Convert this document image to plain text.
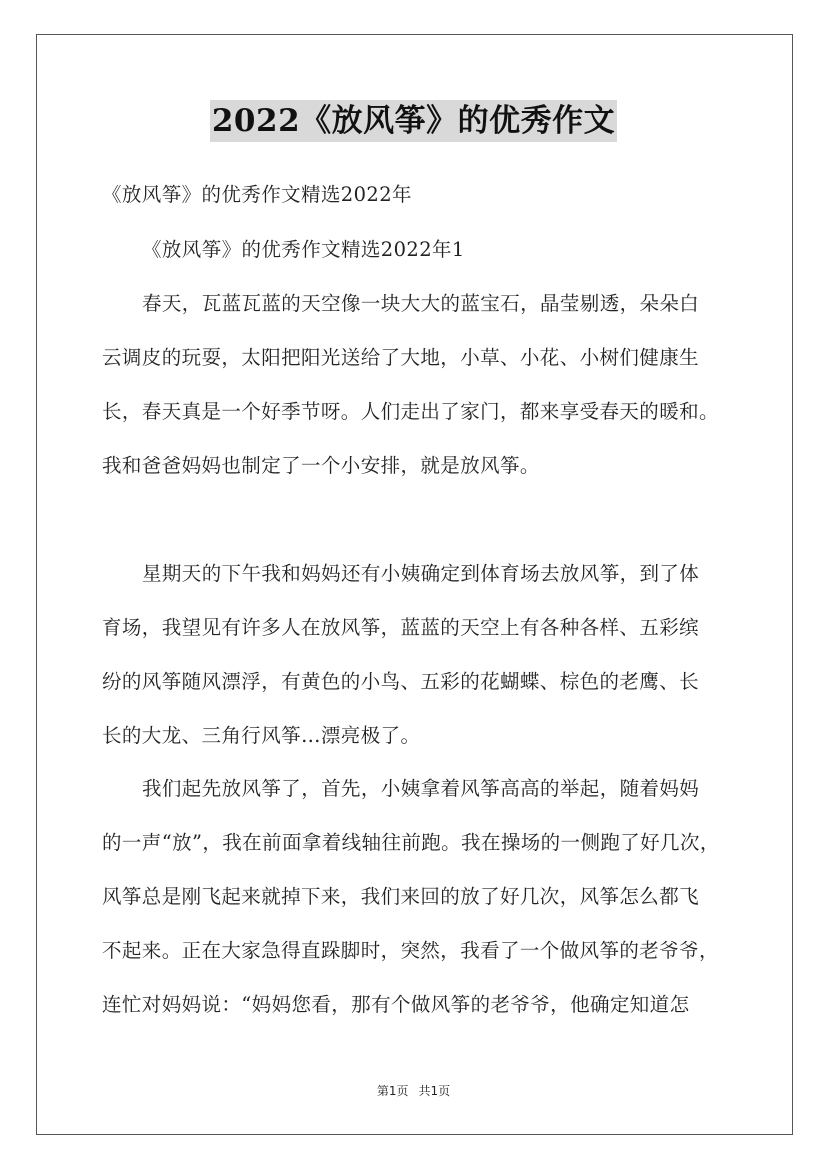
2022《放风筝》的优秀作文
《放风筝》的优秀作文精选2022年
《放风筝》的优秀作文精选2022年1
春天，瓦蓝瓦蓝的天空像一块大大的蓝宝石，晶莹剔透，朵朵白
云调皮的玩耍，太阳把阳光送给了大地，小草、小花、小树们健康生
长，春天真是一个好季节呀。人们走出了家门，都来享受春天的暖和。
我和爸爸妈妈也制定了一个小安排，就是放风筝。
星期天的下午我和妈妈还有小姨确定到体育场去放风筝，到了体
育场，我望见有许多人在放风筝，蓝蓝的天空上有各种各样、五彩缤
纷的风筝随风漂浮，有黄色的小鸟、五彩的花蝴蝶、棕色的老鹰、长
长的大龙、三角行风筝…漂亮极了。
我们起先放风筝了，首先，小姨拿着风筝高高的举起，随着妈妈
的一声“放”，我在前面拿着线轴往前跑。我在操场的一侧跑了好几次，
风筝总是刚飞起来就掉下来，我们来回的放了好几次，风筝怎么都飞
不起来。正在大家急得直跺脚时，突然，我看了一个做风筝的老爷爷，
连忙对妈妈说：“妈妈您看，那有个做风筝的老爷爷，他确定知道怎
第1页 共1页
